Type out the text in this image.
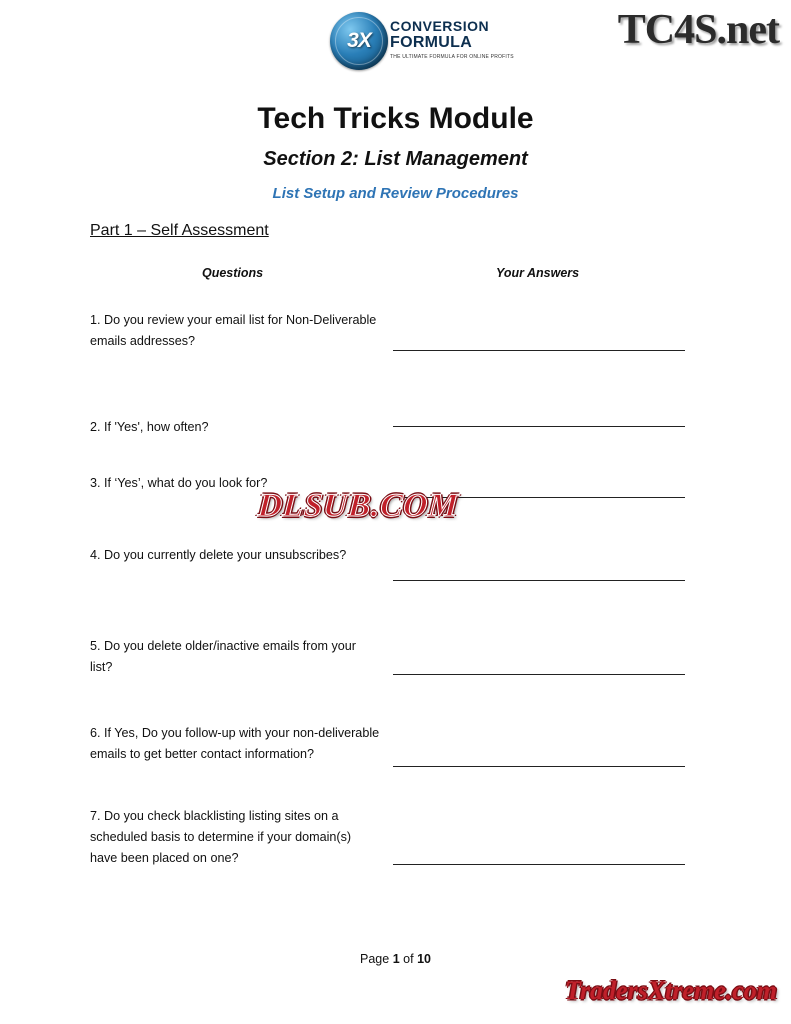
3X
CONVERSION
FORMULA
THE ULTIMATE FORMULA FOR ONLINE PROFITS
TC4S.net
Tech Tricks Module
Section 2: List Management
List Setup and Review Procedures
Part 1 – Self Assessment
Questions	Your Answers
1. Do you review your email list for Non-Deliverable emails addresses?
2. If 'Yes', how often?
3. If ‘Yes’, what do you look for?
4. Do you currently delete your unsubscribes?
5. Do you delete older/inactive emails from your list?
6. If Yes, Do you follow-up with your non-deliverable emails to get better contact information?
7. Do you check blacklisting listing sites on a scheduled basis to determine if your domain(s) have been placed on one?
DLSUB.COM
Page 1 of 10
TradersXtreme.com
